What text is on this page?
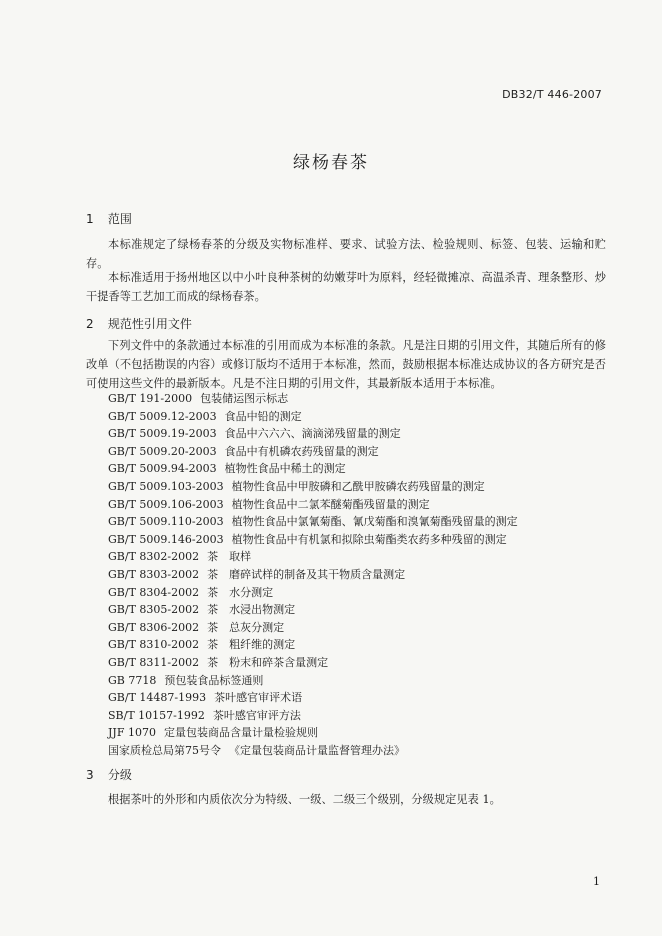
DB32/T 446-2007
绿杨春茶
1 范围
本标准规定了绿杨春茶的分级及实物标准样、要求、试验方法、检验规则、标签、包装、运输和贮存。
本标准适用于扬州地区以中小叶良种茶树的幼嫩芽叶为原料，经轻微摊凉、高温杀青、理条整形、炒干提香等工艺加工而成的绿杨春茶。
2 规范性引用文件
下列文件中的条款通过本标准的引用而成为本标准的条款。凡是注日期的引用文件，其随后所有的修改单（不包括勘误的内容）或修订版均不适用于本标准，然而，鼓励根据本标准达成协议的各方研究是否可使用这些文件的最新版本。凡是不注日期的引用文件，其最新版本适用于本标准。
GB/T 191-2000 包装储运图示标志
GB/T 5009.12-2003 食品中铅的测定
GB/T 5009.19-2003 食品中六六六、滴滴涕残留量的测定
GB/T 5009.20-2003 食品中有机磷农药残留量的测定
GB/T 5009.94-2003 植物性食品中稀土的测定
GB/T 5009.103-2003 植物性食品中甲胺磷和乙酰甲胺磷农药残留量的测定
GB/T 5009.106-2003 植物性食品中二氯苯醚菊酯残留量的测定
GB/T 5009.110-2003 植物性食品中氯氰菊酯、氰戊菊酯和溴氰菊酯残留量的测定
GB/T 5009.146-2003 植物性食品中有机氯和拟除虫菊酯类农药多种残留的测定
GB/T 8302-2002 茶　取样
GB/T 8303-2002 茶　磨碎试样的制备及其干物质含量测定
GB/T 8304-2002 茶　水分测定
GB/T 8305-2002 茶　水浸出物测定
GB/T 8306-2002 茶　总灰分测定
GB/T 8310-2002 茶　粗纤维的测定
GB/T 8311-2002 茶　粉末和碎茶含量测定
GB 7718 预包装食品标签通则
GB/T 14487-1993 茶叶感官审评术语
SB/T 10157-1992 茶叶感官审评方法
JJF 1070 定量包装商品含量计量检验规则
国家质检总局第75号令 《定量包装商品计量监督管理办法》
3 分级
根据茶叶的外形和内质依次分为特级、一级、二级三个级别，分级规定见表 1。
1
